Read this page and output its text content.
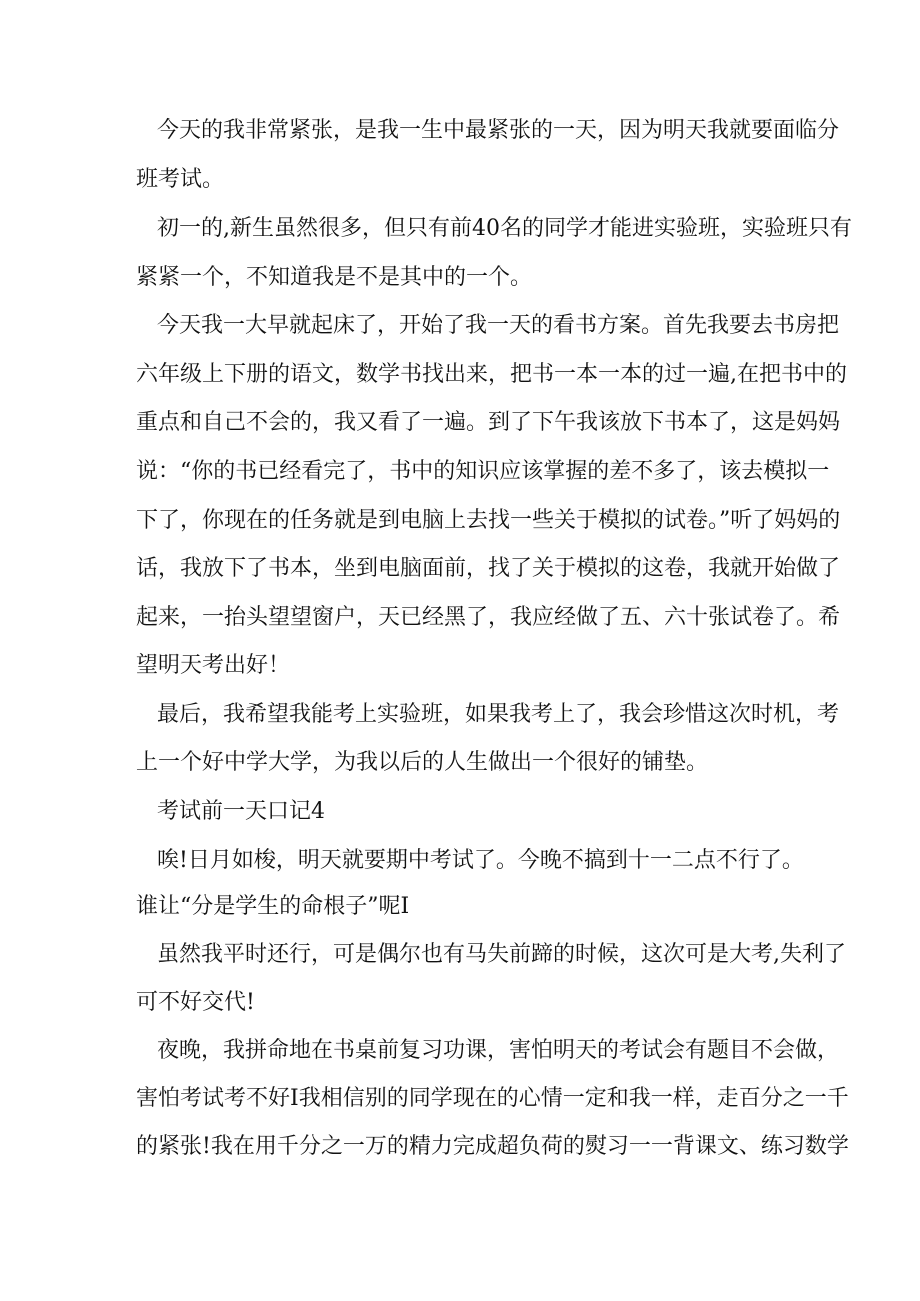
今天的我非常紧张，是我一生中最紧张的一天，因为明天我就要面临分

班考试。

初一的,新生虽然很多，但只有前40名的同学才能进实验班，实验班只有

紧紧一个，不知道我是不是其中的一个。

今天我一大早就起床了，开始了我一天的看书方案。首先我要去书房把

六年级上下册的语文，数学书找出来，把书一本一本的过一遍,在把书中的

重点和自己不会的，我又看了一遍。到了下午我该放下书本了，这是妈妈

说：“你的书已经看完了，书中的知识应该掌握的差不多了，该去模拟一

下了，你现在的任务就是到电脑上去找一些关于模拟的试卷。”听了妈妈的

话，我放下了书本，坐到电脑面前，找了关于模拟的这卷，我就开始做了

起来，一抬头望望窗户，天已经黑了，我应经做了五、六十张试卷了。希

望明天考出好！

最后，我希望我能考上实验班，如果我考上了，我会珍惜这次时机，考

上一个好中学大学，为我以后的人生做出一个很好的铺垫。

考试前一天口记4

唉!日月如梭，明天就要期中考试了。今晚不搞到十一二点不行了。

谁让“分是学生的命根子”呢I

虽然我平时还行，可是偶尔也有马失前蹄的时候，这次可是大考,失利了

可不好交代!

夜晚，我拼命地在书桌前复习功课，害怕明天的考试会有题目不会做，

害怕考试考不好I我相信别的同学现在的心情一定和我一样，走百分之一千

的紧张!我在用千分之一万的精力完成超负荷的熨习一一背课文、练习数学
